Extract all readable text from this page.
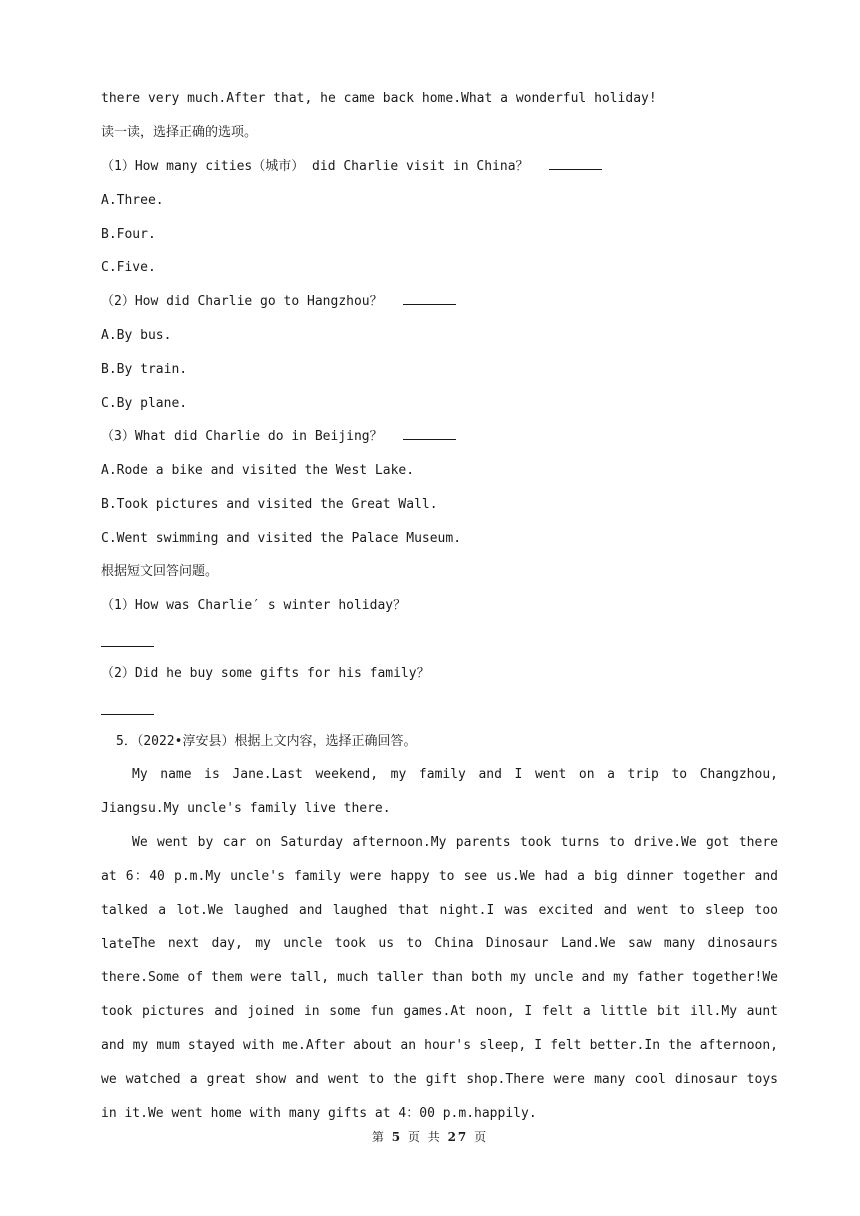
there very much.After that, he came back home.What a wonderful holiday!
读一读，选择正确的选项。
（1）How many cities（城市） did Charlie visit in China？
A.Three.
B.Four.
C.Five.
（2）How did Charlie go to Hangzhou？
A.By bus.
B.By train.
C.By plane.
（3）What did Charlie do in Beijing？
A.Rode a bike and visited the West Lake.
B.Took pictures and visited the Great Wall.
C.Went swimming and visited the Palace Museum.
根据短文回答问题。
（1）How was Charlie′ s winter holiday？
（2）Did he buy some gifts for his family？
5．（2022•淳安县）根据上文内容，选择正确回答。
My name is Jane.Last weekend, my family and I went on a trip to Changzhou, Jiangsu.My uncle's family live there.
We went by car on Saturday afternoon.My parents took turns to drive.We got there at 6：40 p.m.My uncle's family were happy to see us.We had a big dinner together and talked a lot.We laughed and laughed that night.I was excited and went to sleep too late.
The next day, my uncle took us to China Dinosaur Land.We saw many dinosaurs there.Some of them were tall, much taller than both my uncle and my father together!We took pictures and joined in some fun games.At noon, I felt a little bit ill.My aunt and my mum stayed with me.After about an hour's sleep, I felt better.In the afternoon, we watched a great show and went to the gift shop.There were many cool dinosaur toys in it.We went home with many gifts at 4：00 p.m.happily.
第 5 页 共 27 页
